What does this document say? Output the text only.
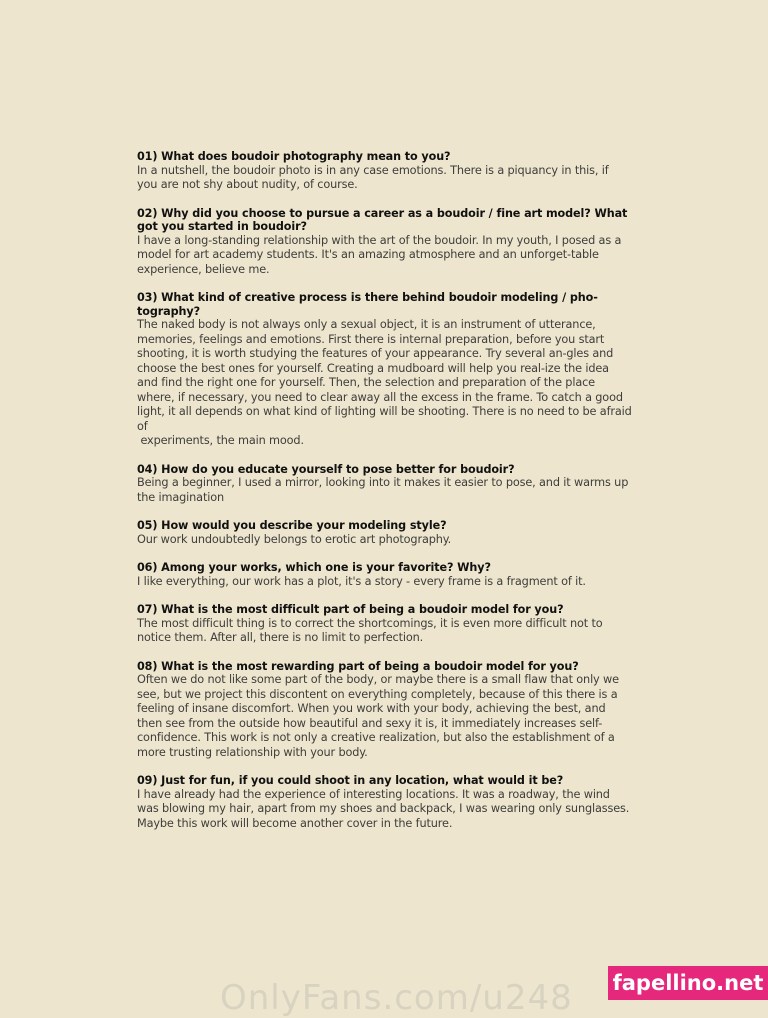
01) What does boudoir photography mean to you?
In a nutshell, the boudoir photo is in any case emotions. There is a piquancy in this, if you are not shy about nudity, of course.
02) Why did you choose to pursue a career as a boudoir / fine art model? What got you started in boudoir?
I have a long-standing relationship with the art of the boudoir. In my youth, I posed as a model for art academy students. It's an amazing atmosphere and an unforget-table experience, believe me.
03) What kind of creative process is there behind boudoir modeling / pho-tography?
The naked body is not always only a sexual object, it is an instrument of utterance, memories, feelings and emotions. First there is internal preparation, before you start shooting, it is worth studying the features of your appearance. Try several an-gles and choose the best ones for yourself. Creating a mudboard will help you real-ize the idea and find the right one for yourself. Then, the selection and preparation of the place where, if necessary, you need to clear away all the excess in the frame. To catch a good light, it all depends on what kind of lighting will be shooting. There is no need to be afraid of
experiments, the main mood.
04) How do you educate yourself to pose better for boudoir?
Being a beginner, I used a mirror, looking into it makes it easier to pose, and it warms up the imagination
05) How would you describe your modeling style?
Our work undoubtedly belongs to erotic art photography.
06) Among your works, which one is your favorite? Why?
I like everything, our work has a plot, it's a story - every frame is a fragment of it.
07) What is the most difficult part of being a boudoir model for you?
The most difficult thing is to correct the shortcomings, it is even more difficult not to notice them. After all, there is no limit to perfection.
08) What is the most rewarding part of being a boudoir model for you?
Often we do not like some part of the body, or maybe there is a small flaw that only we see, but we project this discontent on everything completely, because of this there is a feeling of insane discomfort. When you work with your body, achieving the best, and then see from the outside how beautiful and sexy it is, it immediately increases self-confidence. This work is not only a creative realization, but also the establishment of a more trusting relationship with your body.
09) Just for fun, if you could shoot in any location, what would it be?
I have already had the experience of interesting locations. It was a roadway, the wind was blowing my hair, apart from my shoes and backpack, I was wearing only sunglasses. Maybe this work will become another cover in the future.
OnlyFans.com/u248 fapellino.net
